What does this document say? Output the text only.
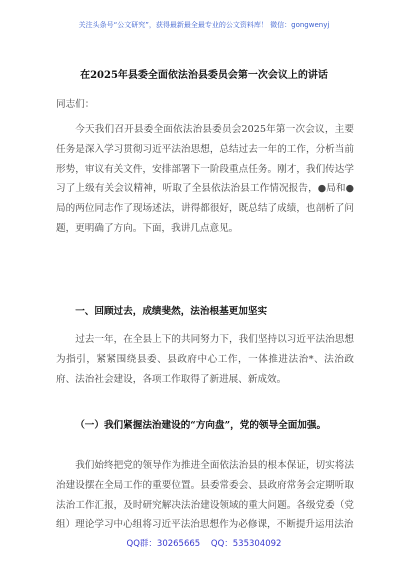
关注头条号“公文研究”，获得最新最全最专业的公文资料库！ 微信：gongwenyj
在2025年县委全面依法治县委员会第一次会议上的讲话
同志们：

今天我们召开县委全面依法治县委员会2025年第一次会议，主要任务是深入学习贯彻习近平法治思想，总结过去一年的工作，分析当前形势，审议有关文件，安排部署下一阶段重点任务。刚才，我们传达学习了上级有关会议精神，听取了全县依法治县工作情况报告，●局和●局的两位同志作了现场述法，讲得都很好，既总结了成绩，也剖析了问题，更明确了方向。下面，我讲几点意见。

一、回顾过去，成绩斐然，法治根基更加坚实

过去一年，在全县上下的共同努力下，我们坚持以习近平法治思想为指引，紧紧围绕县委、县政府中心工作，一体推进法治*、法治政府、法治社会建设，各项工作取得了新进展、新成效。

（一）我们紧握法治建设的“方向盘”，党的领导全面加强。

我们始终把党的领导作为推进全面依法治县的根本保证，切实将法治建设摆在全局工作的重要位置。县委常委会、县政府常务会定期听取法治工作汇报，及时研究解决法治建设领域的重大问题。各级党委（党组）理论学习中心组将习近平法治思想作为必修课，不断提升运用法治

QQ群：30265665 QQ：535304092
